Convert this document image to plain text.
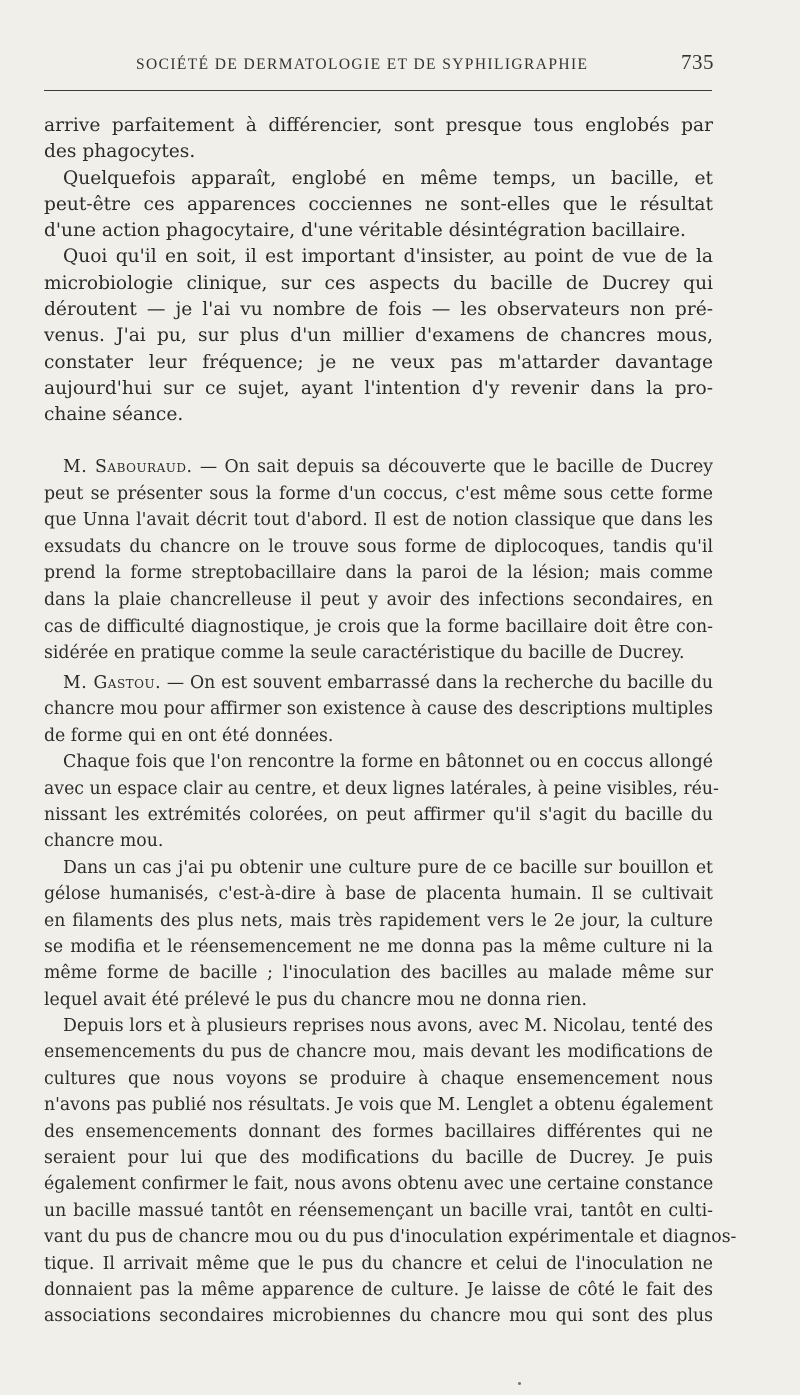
SOCIÉTÉ DE DERMATOLOGIE ET DE SYPHILIGRAPHIE	735
arrive parfaitement à différencier, sont presque tous englobés par
des phagocytes.
Quelquefois apparaît, englobé en même temps, un bacille, et
peut-être ces apparences cocciennes ne sont-elles que le résultat
d'une action phagocytaire, d'une véritable désintégration bacillaire.
Quoi qu'il en soit, il est important d'insister, au point de vue de la
microbiologie clinique, sur ces aspects du bacille de Ducrey qui
déroutent — je l'ai vu nombre de fois — les observateurs non pré-
venus. J'ai pu, sur plus d'un millier d'examens de chancres mous,
constater leur fréquence; je ne veux pas m'attarder davantage
aujourd'hui sur ce sujet, ayant l'intention d'y revenir dans la pro-
chaine séance.
M. Sabouraud. — On sait depuis sa découverte que le bacille de Ducrey
peut se présenter sous la forme d'un coccus, c'est même sous cette forme
que Unna l'avait décrit tout d'abord. Il est de notion classique que dans les
exsudats du chancre on le trouve sous forme de diplocoques, tandis qu'il
prend la forme streptobacillaire dans la paroi de la lésion; mais comme
dans la plaie chancrelleuse il peut y avoir des infections secondaires, en
cas de difficulté diagnostique, je crois que la forme bacillaire doit être con-
sidérée en pratique comme la seule caractéristique du bacille de Ducrey.
M. Gastou. — On est souvent embarrassé dans la recherche du bacille du
chancre mou pour affirmer son existence à cause des descriptions multiples
de forme qui en ont été données.
Chaque fois que l'on rencontre la forme en bâtonnet ou en coccus allongé
avec un espace clair au centre, et deux lignes latérales, à peine visibles, réu-
nissant les extrémités colorées, on peut affirmer qu'il s'agit du bacille du
chancre mou.
Dans un cas j'ai pu obtenir une culture pure de ce bacille sur bouillon et
gélose humanisés, c'est-à-dire à base de placenta humain. Il se cultivait
en filaments des plus nets, mais très rapidement vers le 2e jour, la culture
se modifia et le réensemencement ne me donna pas la même culture ni la
même forme de bacille ; l'inoculation des bacilles au malade même sur
lequel avait été prélevé le pus du chancre mou ne donna rien.
Depuis lors et à plusieurs reprises nous avons, avec M. Nicolau, tenté des
ensemencements du pus de chancre mou, mais devant les modifications de
cultures que nous voyons se produire à chaque ensemencement nous
n'avons pas publié nos résultats. Je vois que M. Lenglet a obtenu également
des ensemencements donnant des formes bacillaires différentes qui ne
seraient pour lui que des modifications du bacille de Ducrey. Je puis
également confirmer le fait, nous avons obtenu avec une certaine constance
un bacille massué tantôt en réensemençant un bacille vrai, tantôt en culti-
vant du pus de chancre mou ou du pus d'inoculation expérimentale et diagnos-
tique. Il arrivait même que le pus du chancre et celui de l'inoculation ne
donnaient pas la même apparence de culture. Je laisse de côté le fait des
associations secondaires microbiennes du chancre mou qui sont des plus
